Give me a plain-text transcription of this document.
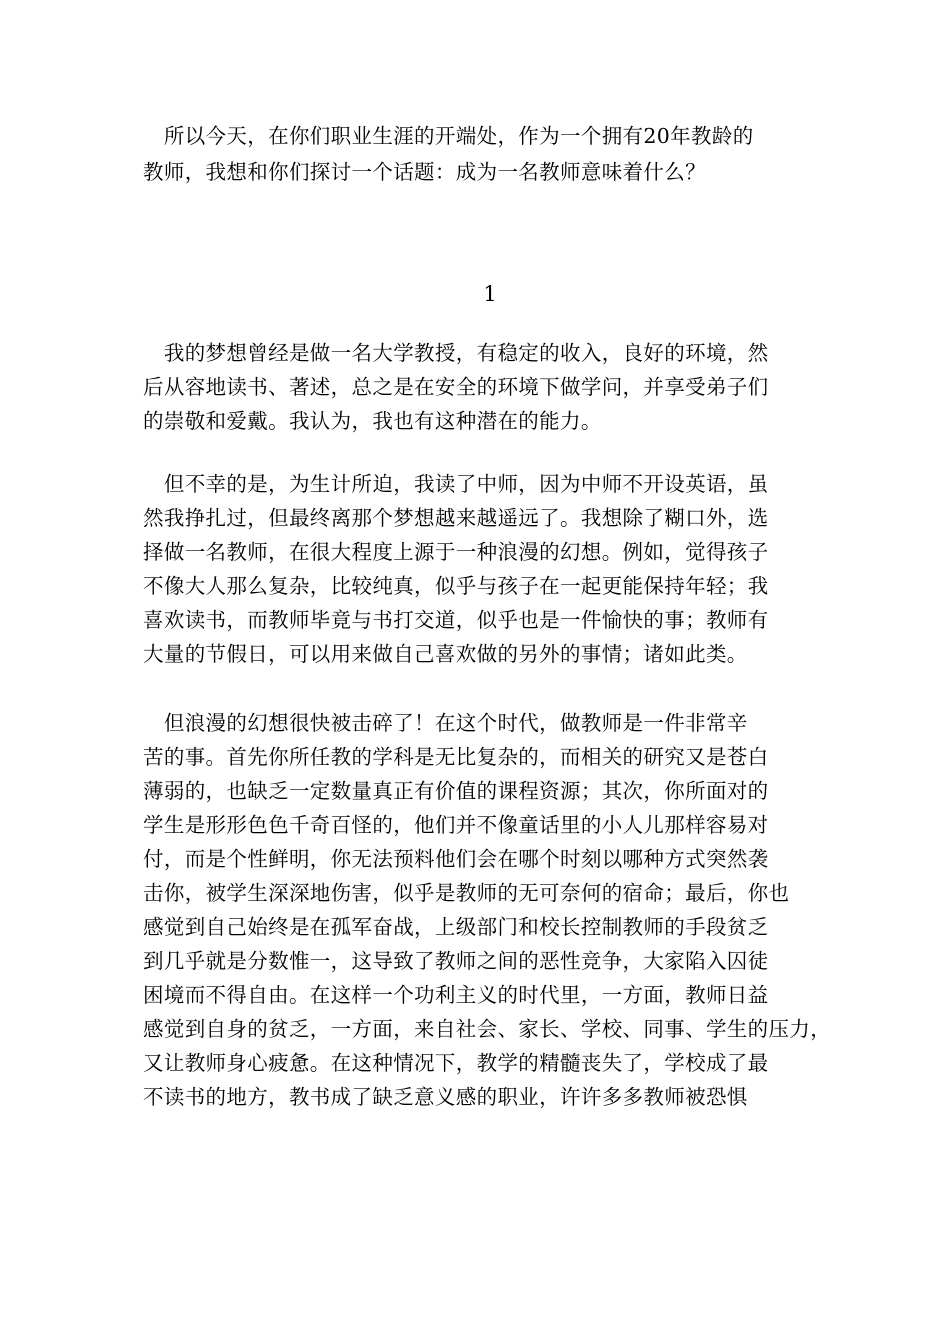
　所以今天，在你们职业生涯的开端处，作为一个拥有20年教龄的
教师，我想和你们探讨一个话题：成为一名教师意味着什么？
1
　我的梦想曾经是做一名大学教授，有稳定的收入，良好的环境，然
后从容地读书、著述，总之是在安全的环境下做学问，并享受弟子们
的崇敬和爱戴。我认为，我也有这种潜在的能力。
　但不幸的是，为生计所迫，我读了中师，因为中师不开设英语，虽
然我挣扎过，但最终离那个梦想越来越遥远了。我想除了糊口外，选
择做一名教师，在很大程度上源于一种浪漫的幻想。例如，觉得孩子
不像大人那么复杂，比较纯真，似乎与孩子在一起更能保持年轻；我
喜欢读书，而教师毕竟与书打交道，似乎也是一件愉快的事；教师有
大量的节假日，可以用来做自己喜欢做的另外的事情；诸如此类。
　但浪漫的幻想很快被击碎了！在这个时代，做教师是一件非常辛
苦的事。首先你所任教的学科是无比复杂的，而相关的研究又是苍白
薄弱的，也缺乏一定数量真正有价值的课程资源；其次，你所面对的
学生是形形色色千奇百怪的，他们并不像童话里的小人儿那样容易对
付，而是个性鲜明，你无法预料他们会在哪个时刻以哪种方式突然袭
击你，被学生深深地伤害，似乎是教师的无可奈何的宿命；最后，你也
感觉到自己始终是在孤军奋战，上级部门和校长控制教师的手段贫乏
到几乎就是分数惟一，这导致了教师之间的恶性竞争，大家陷入囚徒
困境而不得自由。在这样一个功利主义的时代里，一方面，教师日益
感觉到自身的贫乏，一方面，来自社会、家长、学校、同事、学生的压力，
又让教师身心疲惫。在这种情况下，教学的精髓丧失了，学校成了最
不读书的地方，教书成了缺乏意义感的职业，许许多多教师被恐惧
